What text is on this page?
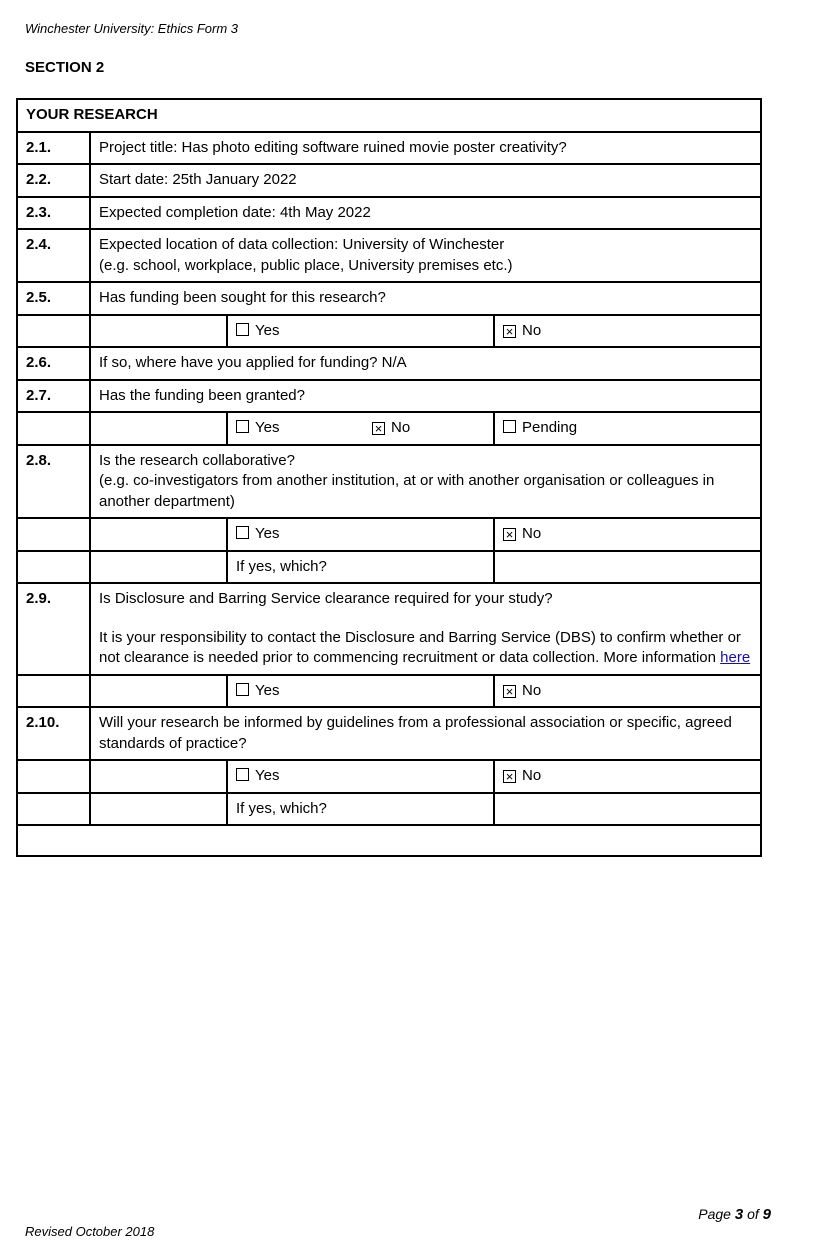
Winchester University: Ethics Form 3
SECTION 2
YOUR RESEARCH			
2.1.	Project title: Has photo editing software ruined movie poster creativity?		
2.2.	Start date: 25th January 2022		
2.3.	Expected completion date: 4th May 2022		
2.4.	Expected location of data collection: University of Winchester
(e.g. school, workplace, public place, University premises etc.)		

2.5.	Has funding been sought for this research?		
		Yes	×No
2.6.	If so, where have you applied for funding? N/A		
2.7.	Has the funding been granted?		
		Yes × No	Pending
2.8.	Is the research collaborative?
(e.g. co-investigators from another institution, at or with another organisation or colleagues in another department)		

		Yes	×No
		If yes, which?	
2.9.	Is Disclosure and Barring Service clearance required for your study?
It is your responsibility to contact the Disclosure and Barring Service (DBS) to confirm whether or not clearance is needed prior to commencing recruitment or data collection. More information here		

		Yes	×No
2.10.	Will your research be informed by guidelines from a professional association or specific, agreed standards of practice?		
		Yes	×No
		If yes, which?	

Page 3 of 9
Revised October 2018
